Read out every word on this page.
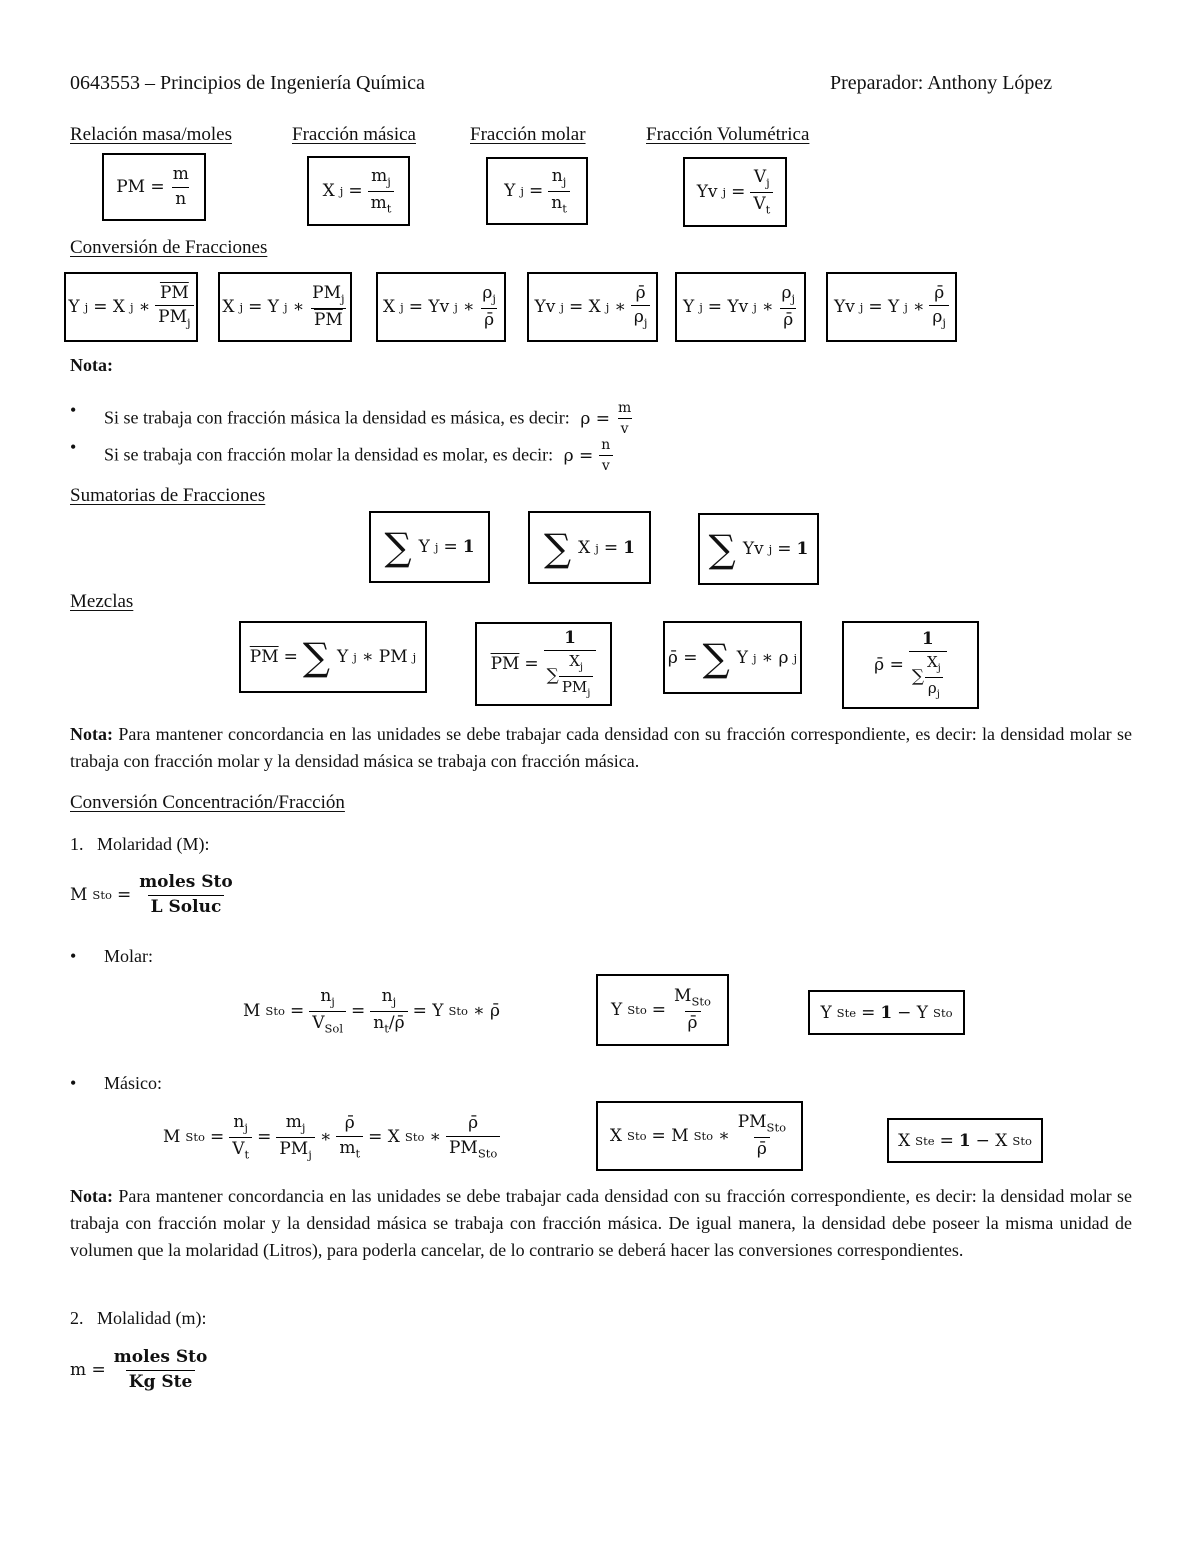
0643553 – Principios de Ingeniería Química	Preparador: Anthony López
Relación masa/moles	Fracción másica	Fracción molar	Fracción Volumétrica
PM = $\frac{m}{n}$	X $j = \frac{m_j}{m_t}$	Y $j = \frac{n_j}{n_t}$	Yv $j = \frac{V_j}{V_t}$
Conversión de Fracciones
Y j = X j ∗ $\frac{\overline{PM}}{PM_j}$ X j = Y j ∗ $\frac{PM_j}{PM}$ X j = Yv j ∗ $\frac{\rho_j}{\rhō}$ Yv j = X j ∗ $\frac{\rhō}{\rho_j}$ Y j = Yv j ∗ $\frac{\rho_j}{\rhō}$ Yv j = Y j ∗ $\frac{\rhō}{\rho_j}$
Nota:
• Si se trabaja con fracción másica la densidad es másica, es decir: $\rho = \frac{m}{v}$
• Si se trabaja con fracción molar la densidad es molar, es decir: $\rho = \frac{n}{v}$
Sumatorias de Fracciones
∑ Y j = 1 ∑ X j = 1 ∑ Yv j = 1
Mezclas
$\overline{PM}$ = ∑ Y j ∗ PM j	$\overline{PM} = \frac{1}{\sum \frac{X_j}{PM_j}}$	ρ̄ = ∑ Y j ∗ ρ j	ρ̄ = $\frac{1}{\sum \frac{X_j}{\rho_j}}$
Nota: Para mantener concordancia en las unidades se debe trabajar cada densidad con su fracción correspondiente, es decir: la densidad molar se trabaja con fracción molar y la densidad másica se trabaja con fracción másica.
Conversión Concentración/Fracción
1.   Molaridad (M):
M Sto = $\frac{\text{moles Sto}}{\text{L Soluc}}$
• Molar:
M Sto = $\frac{n_j}{V_{Sol}} = \frac{n_j}{n_t/\rhō} = Y$ Sto ∗ ρ̄	Y Sto = $\frac{M_{Sto}}{\rhō}$	Y Ste = 1 − Y Sto
• Másico:
M Sto = $\frac{n_j}{V_t} = \frac{m_j}{PM_j}$ ∗ $\frac{\rhō}{m_t} = X$ Sto ∗ $\frac{\rhō}{PM_{Sto}}$	X Sto = M Sto ∗ $\frac{PM_{Sto}}{\rhō}$	X Ste = 1 − X Sto
Nota: Para mantener concordancia en las unidades se debe trabajar cada densidad con su fracción correspondiente, es decir: la densidad molar se trabaja con fracción molar y la densidad másica se trabaja con fracción másica. De igual manera, la densidad debe poseer la misma unidad de volumen que la molaridad (Litros), para poderla cancelar, de lo contrario se deberá hacer las conversiones correspondientes.
2.   Molalidad (m):
$m = \frac{\text{moles Sto}}{\text{Kg Ste}}$
